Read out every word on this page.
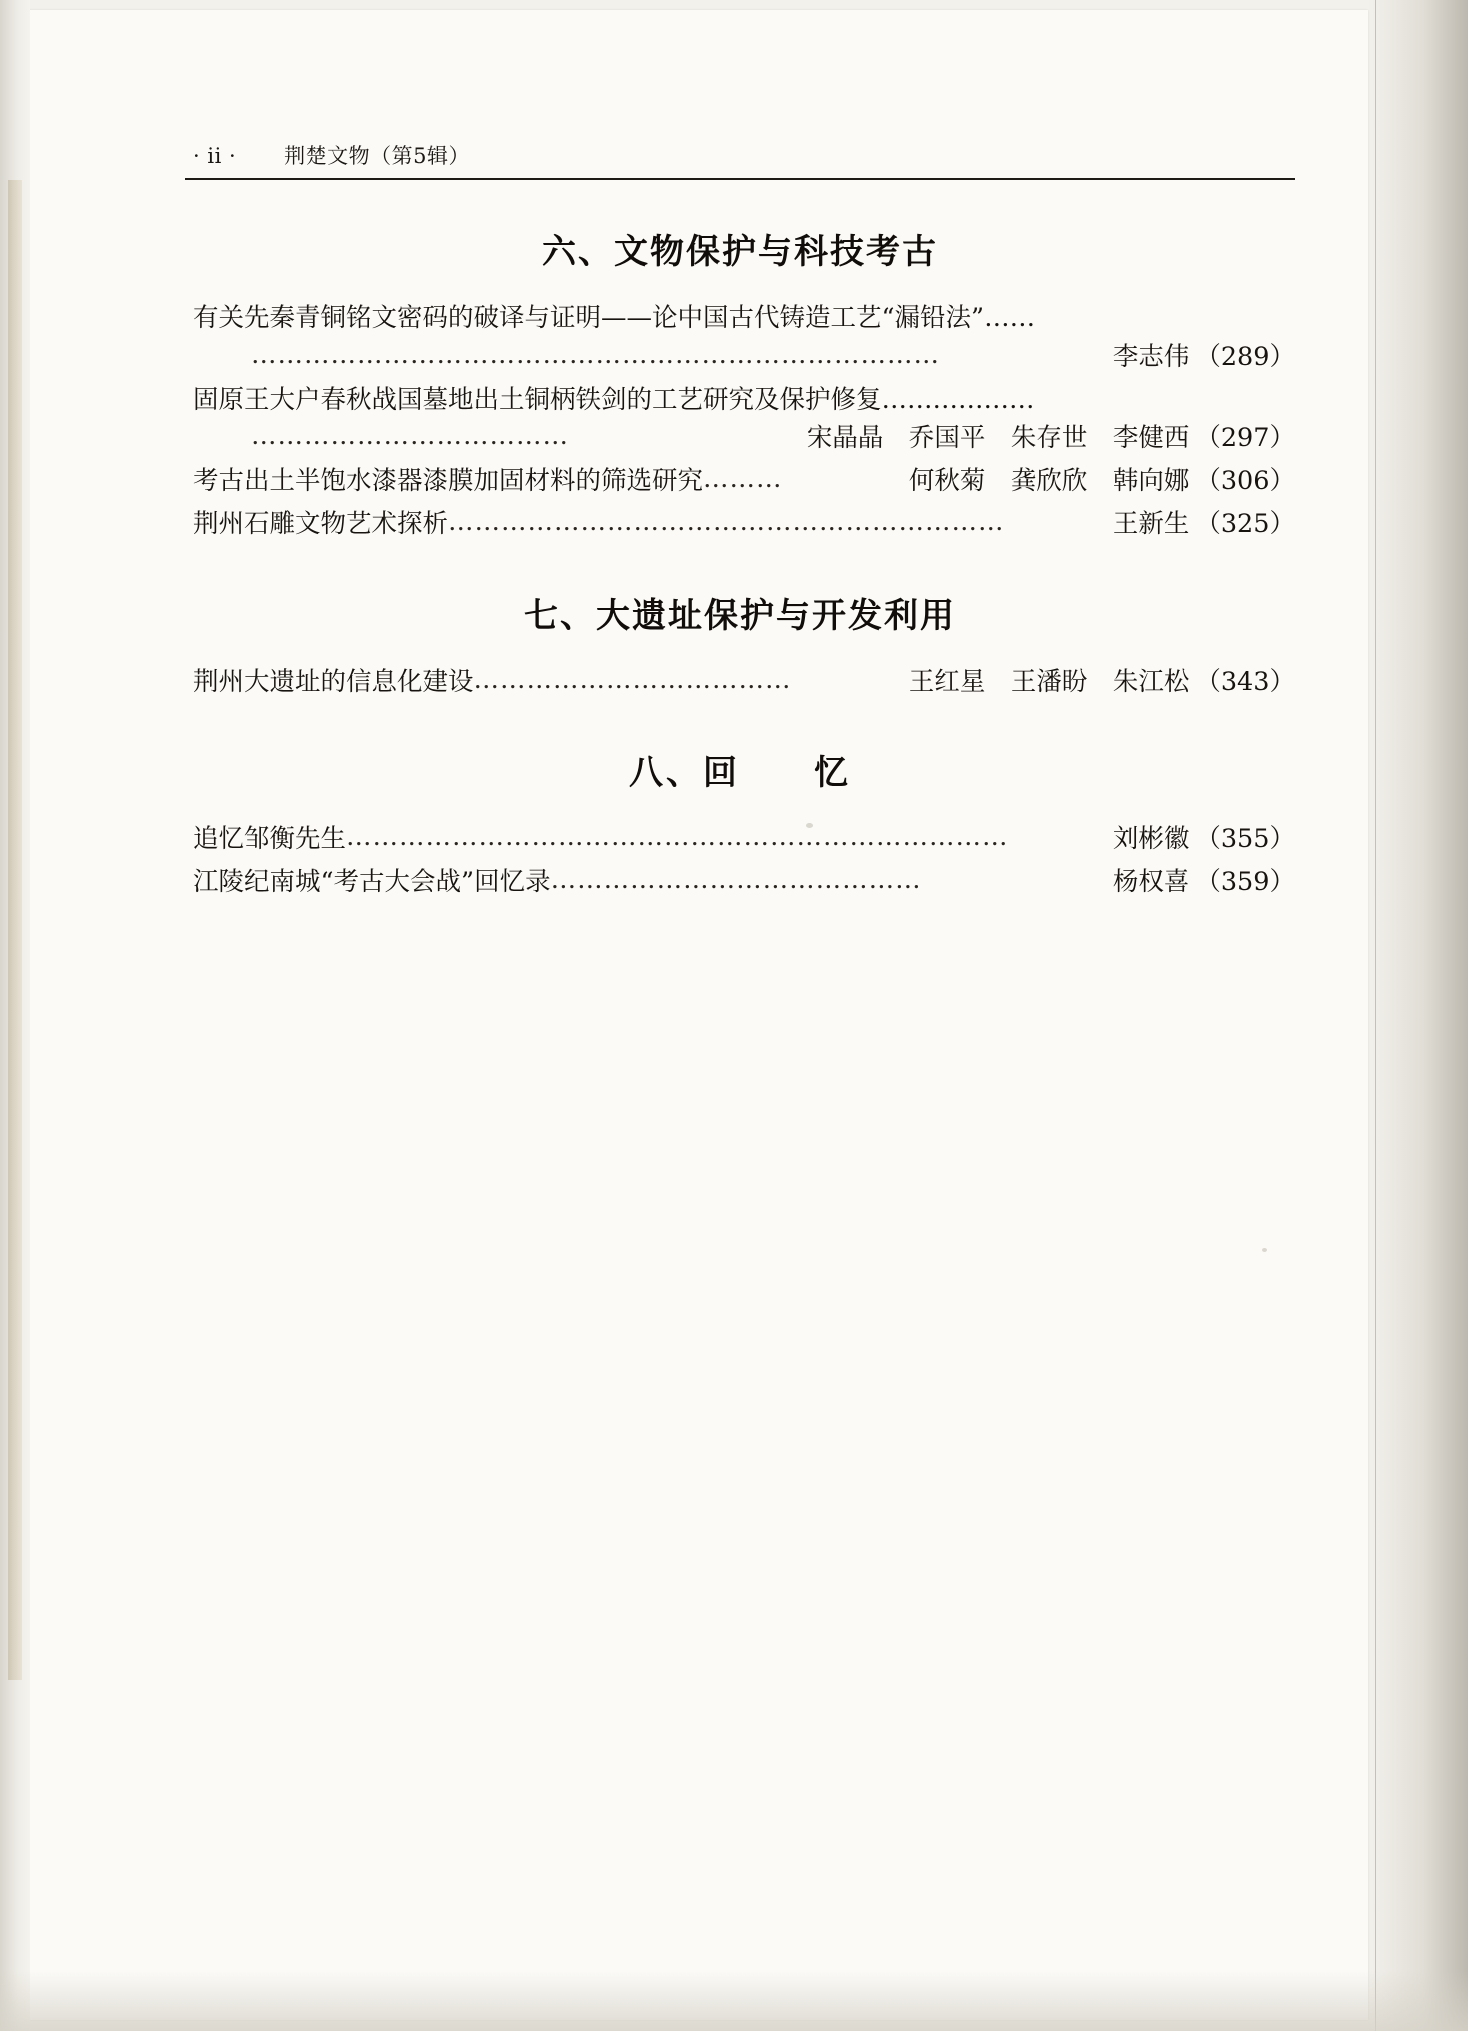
· ii · 荆楚文物（第5辑）
六、文物保护与科技考古
有关先秦青铜铭文密码的破译与证明——论中国古代铸造工艺“漏铅法”……
……………………………………………………………………	李志伟 （289）
固原王大户春秋战国墓地出土铜柄铁剑的工艺研究及保护修复………………
………………………………	宋晶晶　乔国平　朱存世　李健西 （297）
考古出土半饱水漆器漆膜加固材料的筛选研究 ………	何秋菊　龚欣欣　韩向娜 （306）
荆州石雕文物艺术探析 ………………………………………………………	王新生 （325）
七、大遗址保护与开发利用
荆州大遗址的信息化建设 ………………………………	王红星　王潘盼　朱江松 （343）
八、回　　忆
追忆邹衡先生 …………………………………………………………………	刘彬徽 （355）
江陵纪南城“考古大会战”回忆录 ……………………………………	杨权喜 （359）
